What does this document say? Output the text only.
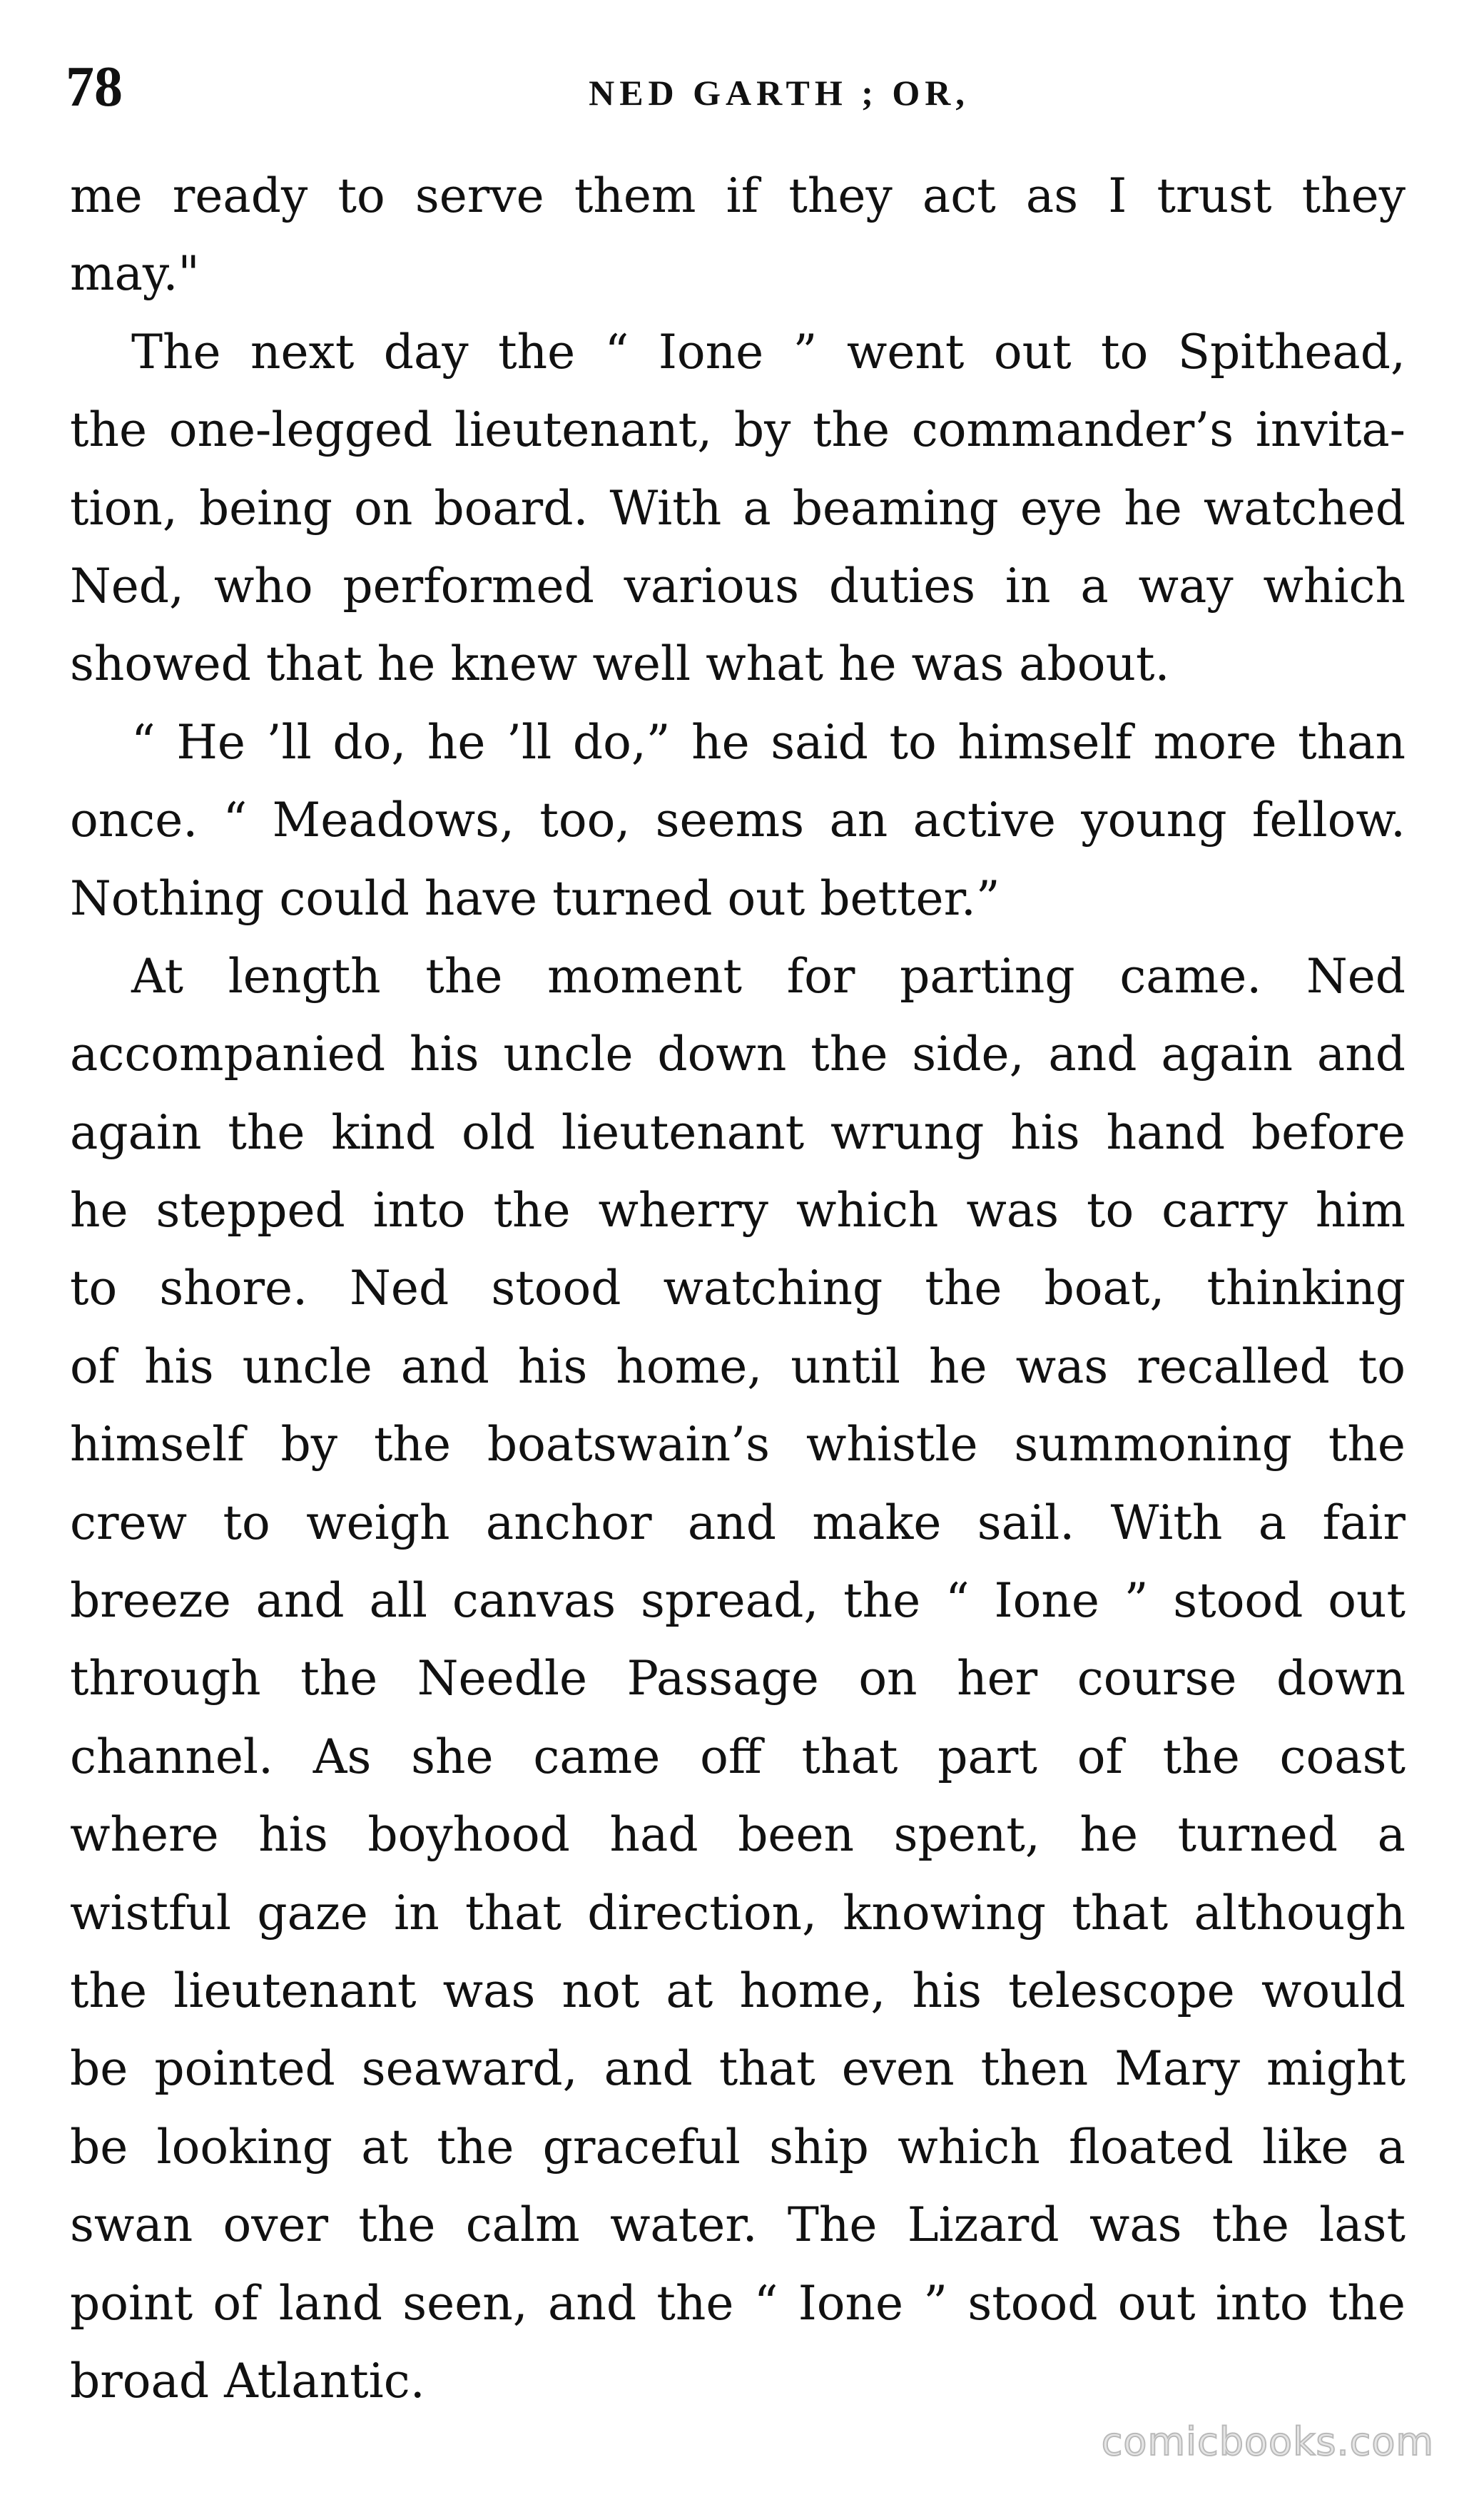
78	NED GARTH ; OR,
me ready to serve them if they act as I trust they
may."
The next day the “ Ione ” went out to Spithead,
the one-legged lieutenant, by the commander’s invita-
tion, being on board. With a beaming eye he watched
Ned, who performed various duties in a way which
showed that he knew well what he was about.
“ He ’ll do, he ’ll do,” he said to himself more than
once. “ Meadows, too, seems an active young fellow.
Nothing could have turned out better.”
At length the moment for parting came. Ned
accompanied his uncle down the side, and again and
again the kind old lieutenant wrung his hand before
he stepped into the wherry which was to carry him
to shore. Ned stood watching the boat, thinking
of his uncle and his home, until he was recalled to
himself by the boatswain’s whistle summoning the
crew to weigh anchor and make sail. With a fair
breeze and all canvas spread, the “ Ione ” stood out
through the Needle Passage on her course down
channel. As she came off that part of the coast
where his boyhood had been spent, he turned a
wistful gaze in that direction, knowing that although
the lieutenant was not at home, his telescope would
be pointed seaward, and that even then Mary might
be looking at the graceful ship which floated like a
swan over the calm water. The Lizard was the last
point of land seen, and the “ Ione ” stood out into the
broad Atlantic.
comicbooks.com
